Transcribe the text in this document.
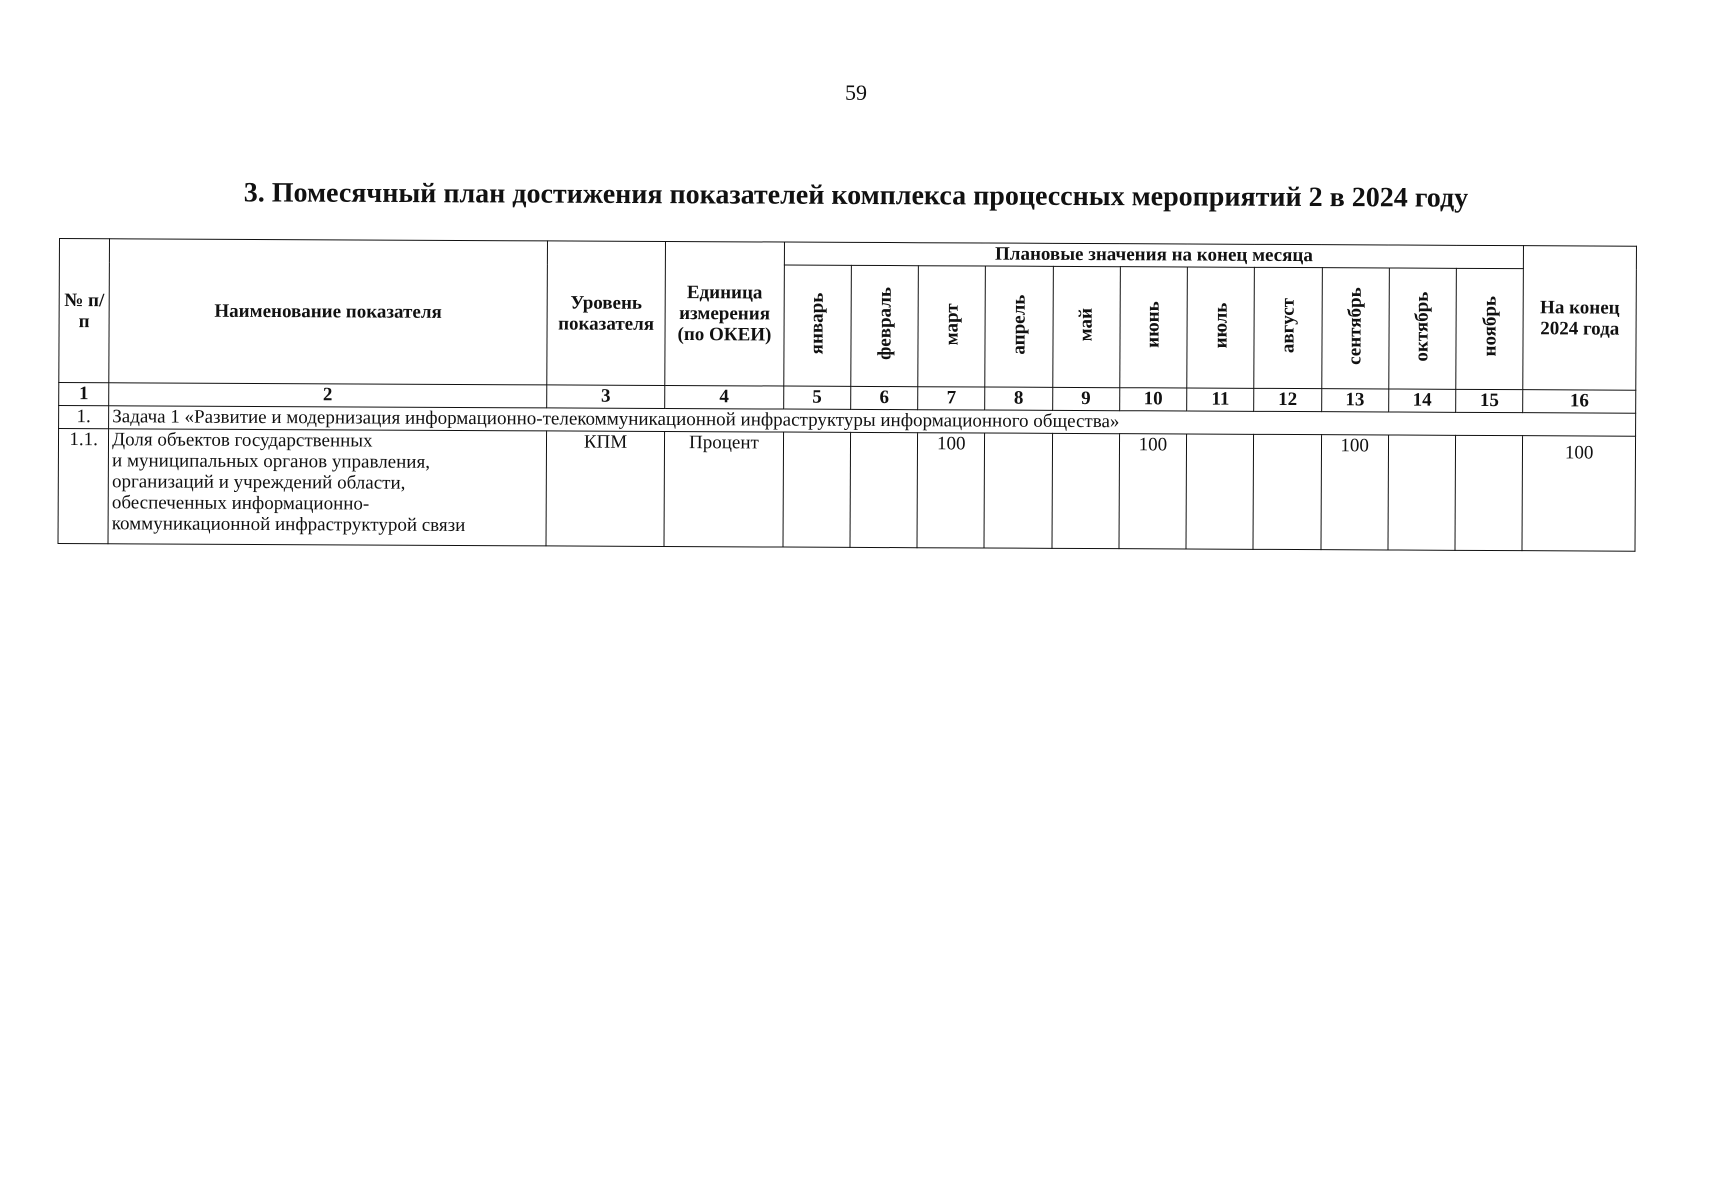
59
3. Помесячный план достижения показателей комплекса процессных мероприятий 2 в 2024 году
№ п/п	Наименование показателя	Уровень показателя	Единица измерения (по ОКЕИ)	Плановые значения на конец месяца											На конец 2024 года
				январь	февраль	март	апрель	май	июнь	июль	август	сентябрь	октябрь	ноябрь	
1	2	3	4	5	6	7	8	9	10	11	12	13	14	15	16
1.	Задача 1 «Развитие и модернизация информационно-телекоммуникационной инфраструктуры информационного общества»														
1.1.	Доля объектов государственных
и муниципальных органов управления,
организаций и учреждений области,
обеспеченных информационно-
коммуникационной инфраструктурой связи	КПМ	Процент			100			100			100			100
